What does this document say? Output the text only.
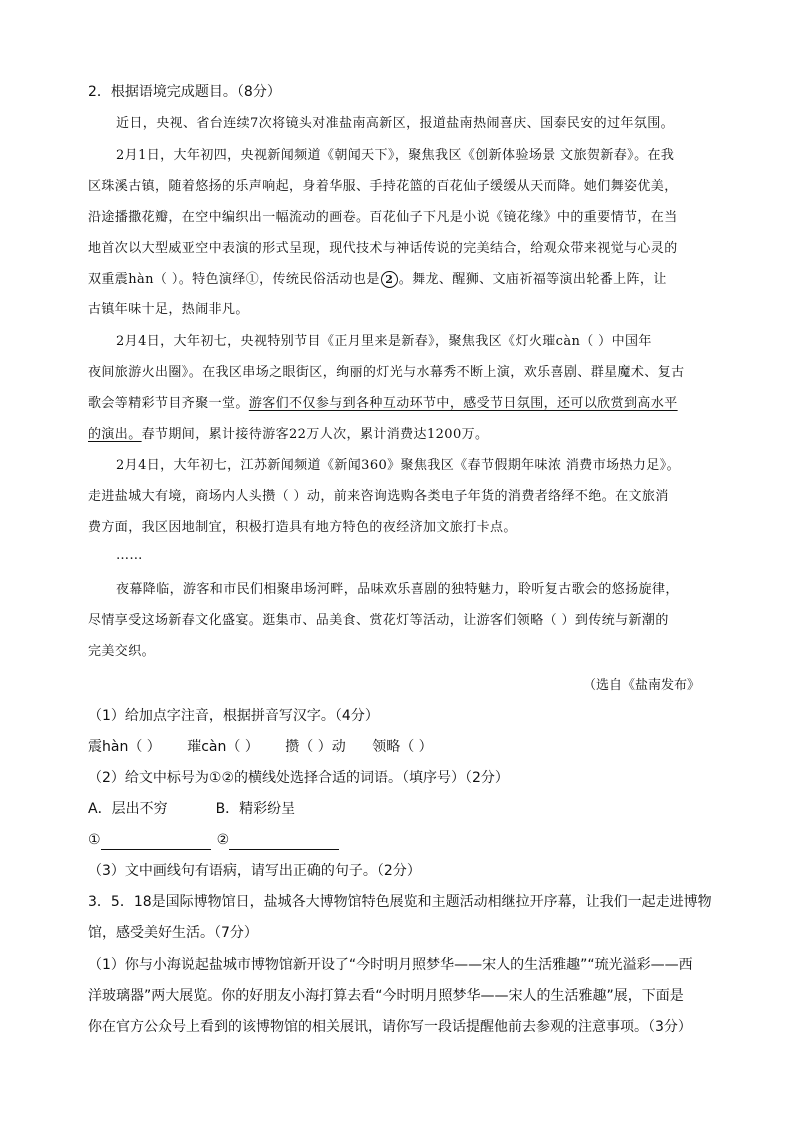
2．根据语境完成题目。（8分）
近日，央视、省台连续7次将镜头对准盐南高新区，报道盐南热闹喜庆、国泰民安的过年氛围。
2月1日，大年初四，央视新闻频道《朝闻天下》，聚焦我区《创新体验场景 文旅贺新春》。在我
区珠溪古镇，随着悠扬的乐声响起，身着华服、手持花篮的百花仙子缓缓从天而降。她们舞姿优美，
沿途播撒花瓣，在空中编织出一幅流动的画卷。百花仙子下凡是小说《镜花缘》中的重要情节，在当
地首次以大型威亚空中表演的形式呈现，现代技术与神话传说的完美结合，给观众带来视觉与心灵的
双重震hàn（ ）。特色演绎①，传统民俗活动也是 2 。舞龙、醒狮、文庙祈福等演出轮番上阵，让
古镇年味十足，热闹非凡。
2月4日，大年初七，央视特别节目《正月里来是新春》，聚焦我区《灯火璀càn（ ）中国年
夜间旅游火出圈》。在我区串场之眼街区，绚丽的灯光与水幕秀不断上演，欢乐喜剧、群星魔术、复古
歌会等精彩节目齐聚一堂。游客们不仅参与到各种互动环节中，感受节日氛围，还可以欣赏到高水平
的演出。春节期间，累计接待游客22万人次，累计消费达1200万。
2月4日，大年初七，江苏新闻频道《新闻360》聚焦我区《春节假期年味浓 消费市场热力足》。
走进盐城大有境，商场内人头攒（ ）动，前来咨询选购各类电子年货的消费者络绎不绝。在文旅消
费方面，我区因地制宜，积极打造具有地方特色的夜经济加文旅打卡点。
……
夜幕降临，游客和市民们相聚串场河畔，品味欢乐喜剧的独特魅力，聆听复古歌会的悠扬旋律，
尽情享受这场新春文化盛宴。逛集市、品美食、赏花灯等活动，让游客们领略（ ）到传统与新潮的
完美交织。
（选自《盐南发布》
（1）给加点字注音，根据拼音写汉字。（4分）
震hàn（ ） 璀càn（ ） 攒（ ）动 领略（ ）
（2）给文中标号为①②的横线处选择合适的词语。（填序号）（2分）
A．层出不穷	B．精彩纷呈
①	②
（3）文中画线句有语病，请写出正确的句子。（2分）
3．5．18是国际博物馆日，盐城各大博物馆特色展览和主题活动相继拉开序幕，让我们一起走进博物
馆，感受美好生活。（7分）
（1）你与小海说起盐城市博物馆新开设了“今时明月照梦华——宋人的生活雅趣”“琉光溢彩——西
洋玻璃器”两大展览。你的好朋友小海打算去看“今时明月照梦华——宋人的生活雅趣”展，下面是
你在官方公众号上看到的该博物馆的相关展讯，请你写一段话提醒他前去参观的注意事项。（3分）
